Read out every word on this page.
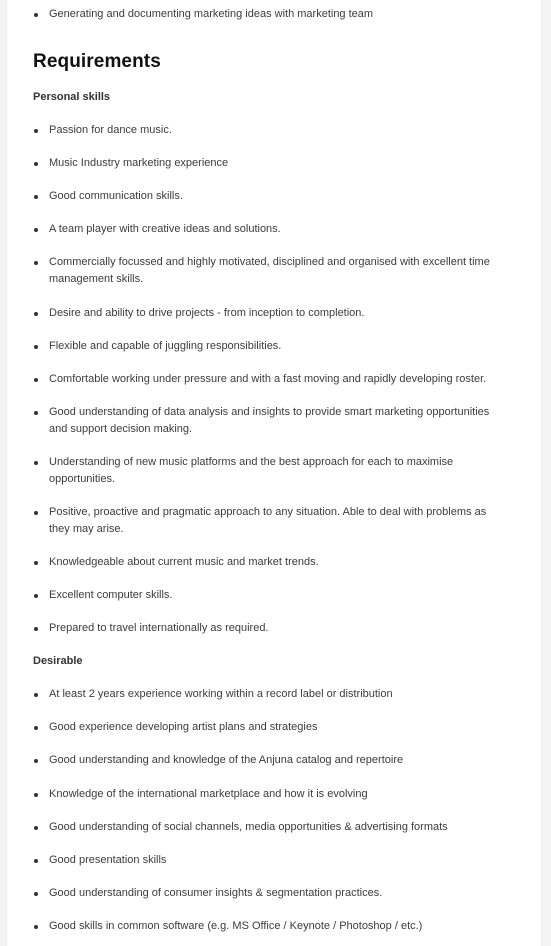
Generating and documenting marketing ideas with marketing team
Requirements
Personal skills
Passion for dance music.
Music Industry marketing experience
Good communication skills.
A team player with creative ideas and solutions.
Commercially focussed and highly motivated, disciplined and organised with excellent time management skills.
Desire and ability to drive projects - from inception to completion.
Flexible and capable of juggling responsibilities.
Comfortable working under pressure and with a fast moving and rapidly developing roster.
Good understanding of data analysis and insights to provide smart marketing opportunities and support decision making.
Understanding of new music platforms and the best approach for each to maximise opportunities.
Positive, proactive and pragmatic approach to any situation. Able to deal with problems as they may arise.
Knowledgeable about current music and market trends.
Excellent computer skills.
Prepared to travel internationally as required.
Desirable
At least 2 years experience working within a record label or distribution
Good experience developing artist plans and strategies
Good understanding and knowledge of the Anjuna catalog and repertoire
Knowledge of the international marketplace and how it is evolving
Good understanding of social channels, media opportunities & advertising formats
Good presentation skills
Good understanding of consumer insights & segmentation practices.
Good skills in common software (e.g. MS Office / Keynote / Photoshop / etc.)
